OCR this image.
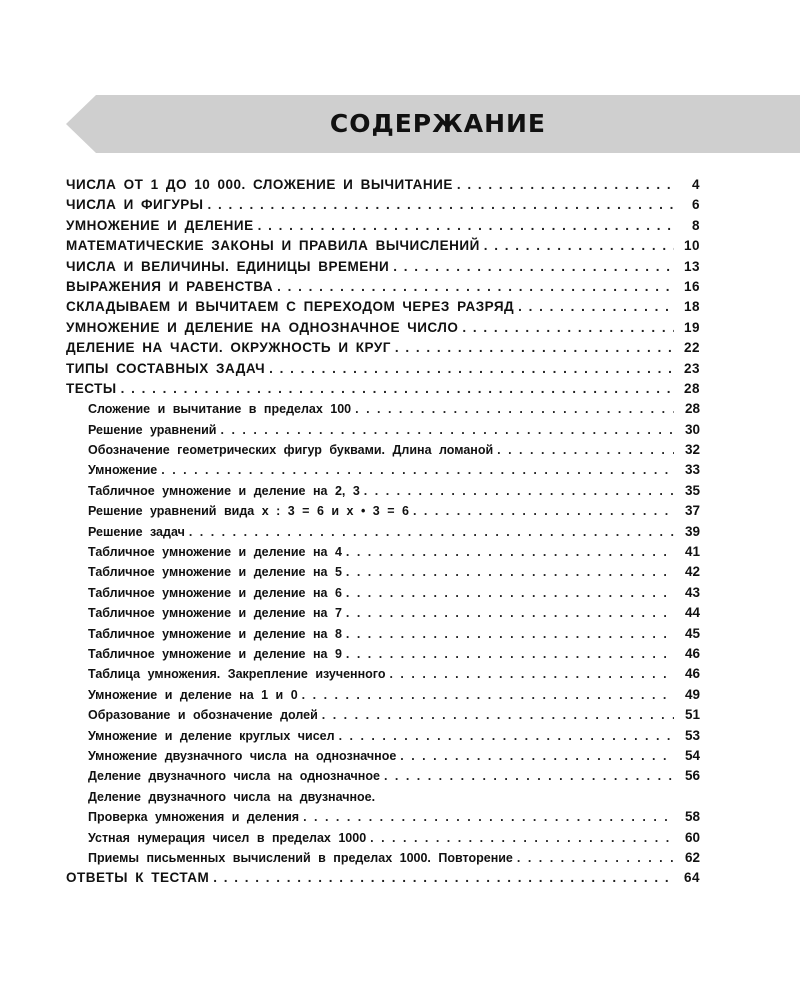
СОДЕРЖАНИЕ
ЧИСЛА ОТ 1 ДО 10 000. СЛОЖЕНИЕ И ВЫЧИТАНИЕ . . .	4
ЧИСЛА И ФИГУРЫ . . .	6
УМНОЖЕНИЕ И ДЕЛЕНИЕ . . .	8
МАТЕМАТИЧЕСКИЕ ЗАКОНЫ И ПРАВИЛА ВЫЧИСЛЕНИЙ . . .	10
ЧИСЛА И ВЕЛИЧИНЫ. ЕДИНИЦЫ ВРЕМЕНИ . . .	13
ВЫРАЖЕНИЯ И РАВЕНСТВА . . .	16
СКЛАДЫВАЕМ И ВЫЧИТАЕМ С ПЕРЕХОДОМ ЧЕРЕЗ РАЗРЯД . . .	18
УМНОЖЕНИЕ И ДЕЛЕНИЕ НА ОДНОЗНАЧНОЕ ЧИСЛО . . .	19
ДЕЛЕНИЕ НА ЧАСТИ. ОКРУЖНОСТЬ И КРУГ . . .	22
ТИПЫ СОСТАВНЫХ ЗАДАЧ . . .	23
ТЕСТЫ . . .	28
Сложение и вычитание в пределах 100 . . .	28
Решение уравнений . . .	30
Обозначение геометрических фигур буквами. Длина ломаной . . .	32
Умножение . . .	33
Табличное умножение и деление на 2, 3 . . .	35
Решение уравнений вида x : 3 = 6 и x • 3 = 6 . . .	37
Решение задач . . .	39
Табличное умножение и деление на 4 . . .	41
Табличное умножение и деление на 5 . . .	42
Табличное умножение и деление на 6 . . .	43
Табличное умножение и деление на 7 . . .	44
Табличное умножение и деление на 8 . . .	45
Табличное умножение и деление на 9 . . .	46
Таблица умножения. Закрепление изученного . . .	46
Умножение и деление на 1 и 0 . . .	49
Образование и обозначение долей . . .	51
Умножение и деление круглых чисел . . .	53
Умножение двузначного числа на однозначное . . .	54
Деление двузначного числа на однозначное . . .	56
Деление двузначного числа на двузначное.
Проверка умножения и деления . . .	58
Устная нумерация чисел в пределах 1000 . . .	60
Приемы письменных вычислений в пределах 1000. Повторение . . .	62
ОТВЕТЫ К ТЕСТАМ . . .	64
